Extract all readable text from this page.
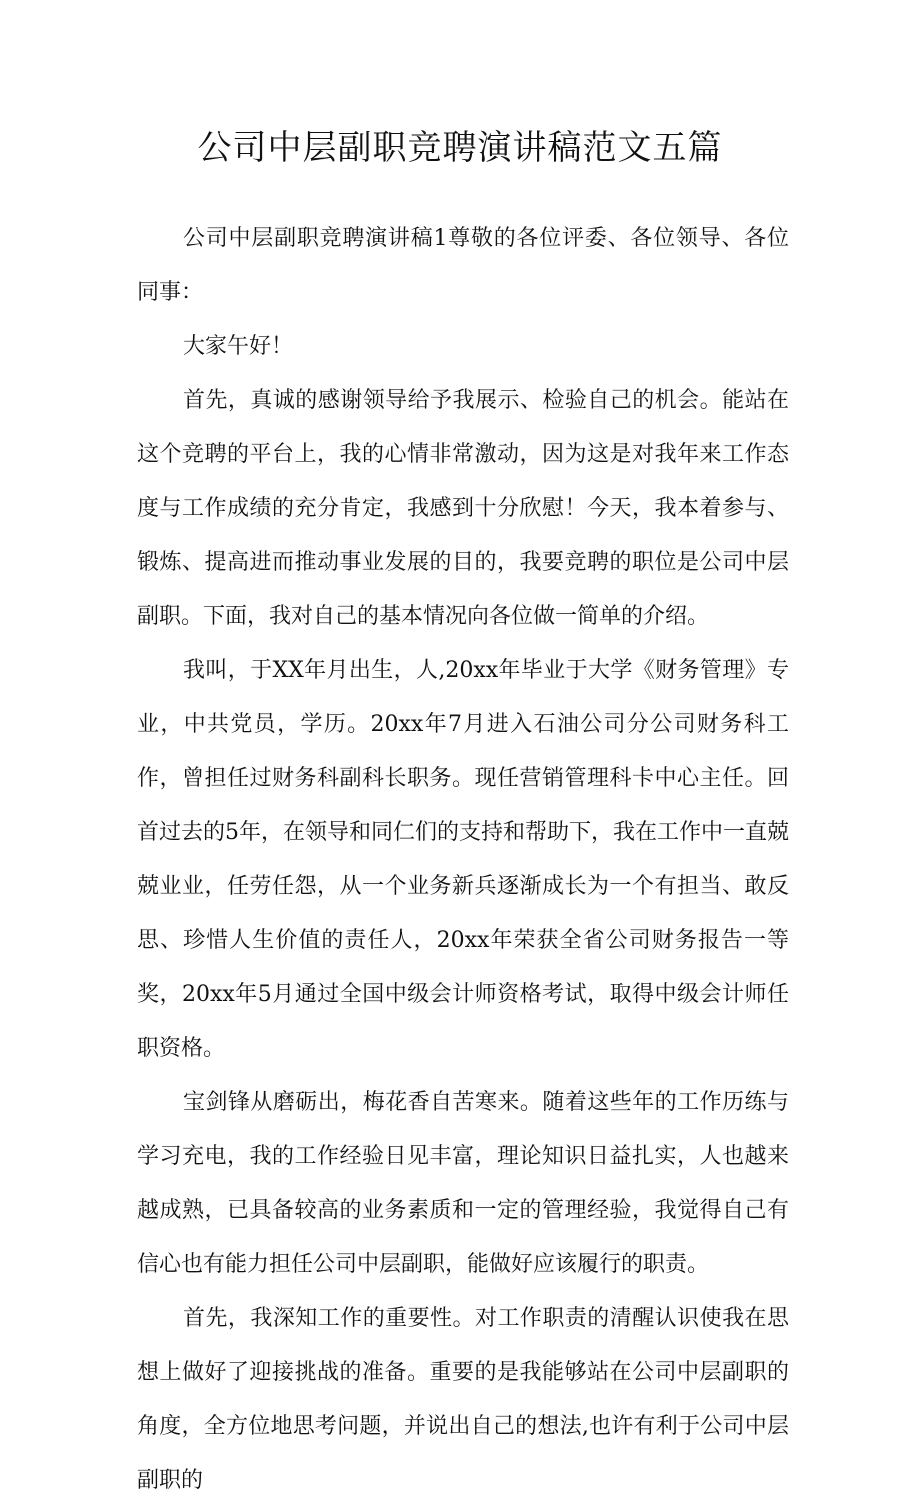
公司中层副职竞聘演讲稿范文五篇

公司中层副职竞聘演讲稿1尊敬的各位评委、各位领导、各位同事：

大家午好！

首先，真诚的感谢领导给予我展示、检验自己的机会。能站在这个竞聘的平台上，我的心情非常激动，因为这是对我年来工作态度与工作成绩的充分肯定，我感到十分欣慰！今天，我本着参与、锻炼、提高进而推动事业发展的目的，我要竞聘的职位是公司中层副职。下面，我对自己的基本情况向各位做一简单的介绍。

我叫，于XX年月出生，人,20xx年毕业于大学《财务管理》专业，中共党员，学历。20xx年7月进入石油公司分公司财务科工作，曾担任过财务科副科长职务。现任营销管理科卡中心主任。回首过去的5年，在领导和同仁们的支持和帮助下，我在工作中一直兢兢业业，任劳任怨，从一个业务新兵逐渐成长为一个有担当、敢反思、珍惜人生价值的责任人，20xx年荣获全省公司财务报告一等奖，20xx年5月通过全国中级会计师资格考试，取得中级会计师任职资格。

宝剑锋从磨砺出，梅花香自苦寒来。随着这些年的工作历练与学习充电，我的工作经验日见丰富，理论知识日益扎实，人也越来越成熟，已具备较高的业务素质和一定的管理经验，我觉得自己有信心也有能力担任公司中层副职，能做好应该履行的职责。

首先，我深知工作的重要性。对工作职责的清醒认识使我在思想上做好了迎接挑战的准备。重要的是我能够站在公司中层副职的角度，全方位地思考问题，并说出自己的想法,也许有利于公司中层副职的
